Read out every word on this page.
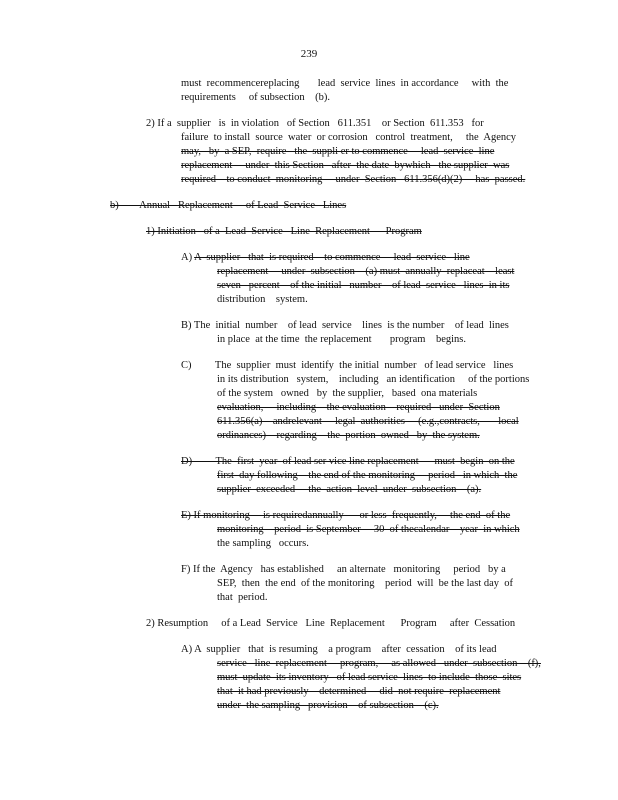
239
must  recommencereplacing       lead  service  lines  in accordance     with  the
requirements     of subsection    (b).
2) If a  supplier   is  in violation   of Section   611.351    or Section  611.353   for
failure  to install  source  water  or corrosion   control  treatment,     the  Agency
may,   by  a SEP,  require   the  suppli er to commence     lead  service  line
replacement     under  this Section   after  the date  bywhich   the supplier  was
required    to conduct  monitoring     under  Section   611.356(d)(2)     has  passed.
b)        Annual   Replacement     of Lead  Service   Lines
1) Initiation   of a  Lead  Service   Line  Replacement      Program
A) A  supplier   that  is required    to commence     lead  service   line
replacement     under  subsection    (a) must  annually  replaceat    least
seven   percent    of the initial   number    of lead  service   lines  in its
distribution    system.
B) The  initial  number    of lead  service    lines  is the number    of lead  lines
in place  at the time  the replacement       program    begins.
C)         The  supplier  must  identify  the initial  number   of lead service   lines
in its distribution   system,    including   an identification     of the portions
of the system   owned   by  the supplier,   based  ona materials
evaluation,     including    the evaluation    required   under  Section
611.356(a)    andrelevant     legal  authorities     (e.g.,contracts,       local
ordinances)    regarding    the  portion  owned   by  the system.
D)         The  first  year  of lead ser vice line replacement      must  begin  on the
first  day following    the end of the monitoring     period   in which  the
supplier  exceeded     the  action  level  under  subsection    (a).
E) If monitoring     is requiredannually      or less  frequently,     the end  of the
monitoring    period  is September     30  of thecalendar    year  in which
the sampling   occurs.
F) If the  Agency   has established     an alternate   monitoring     period   by a
SEP,  then  the end  of the monitoring    period  will  be the last day  of
that  period.
2) Resumption     of a Lead  Service   Line  Replacement      Program     after  Cessation
A) A  supplier   that  is resuming    a program    after  cessation    of its lead
service   line  replacement     program,     as allowed   under  subsection    (f),
must  update  its inventory   of lead service  lines  to include  those  sites
that  it had previously    determined     did  not require  replacement
under  the sampling   provision    of subsection    (c).
